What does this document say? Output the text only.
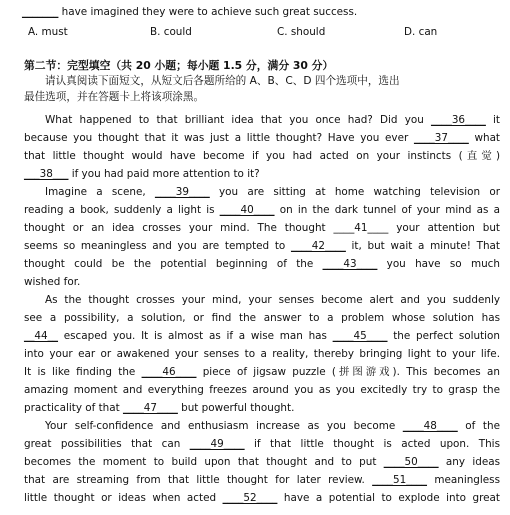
_______ have imagined they were to achieve such great success.
A. must	B. could	C. should	D. can
第二节：完型填空（共 20 小题；每小题 1.5 分，满分 30 分）
请认真阅读下面短文，从短文后各题所给的 A、B、C、D 四个选项中，选出
最佳选项，并在答题卡上将该项涂黑。
What happened to that brilliant idea that you once had? Did you ____36____ it
because you thought that it was just a little thought? Have you ever ____37____ what
that little thought would have become if you had acted on your instincts (直觉)
___38___ if you had paid more attention to it?
Imagine a scene, ____39____ you are sitting at home watching television or
reading a book, suddenly a light is ____40____ on in the dark tunnel of your mind as a
thought or an idea crosses your mind. The thought ____41____ your attention but
seems so meaningless and you are tempted to ____42____ it, but wait a minute! That
thought could be the potential beginning of the ____43____ you have so much
wished for.
As the thought crosses your mind, your senses become alert and you suddenly
see a possibility, a solution, or find the answer to a problem whose solution has
__44__ escaped you. It is almost as if a wise man has ____45____ the perfect solution
into your ear or awakened your senses to a reality, thereby bringing light to your life.
It is like finding the ____46____ piece of jigsaw puzzle (拼图游戏). This becomes an
amazing moment and everything freezes around you as you excitedly try to grasp the
practicality of that ____47____ but powerful thought.
Your self-confidence and enthusiasm increase as you become ____48____ of the
great possibilities that can ____49____ if that little thought is acted upon. This
becomes the moment to build upon that thought and to put ____50____ any ideas
that are streaming from that little thought for later review. ____51____ meaningless
little thought or ideas when acted ____52____ have a potential to explode into great
